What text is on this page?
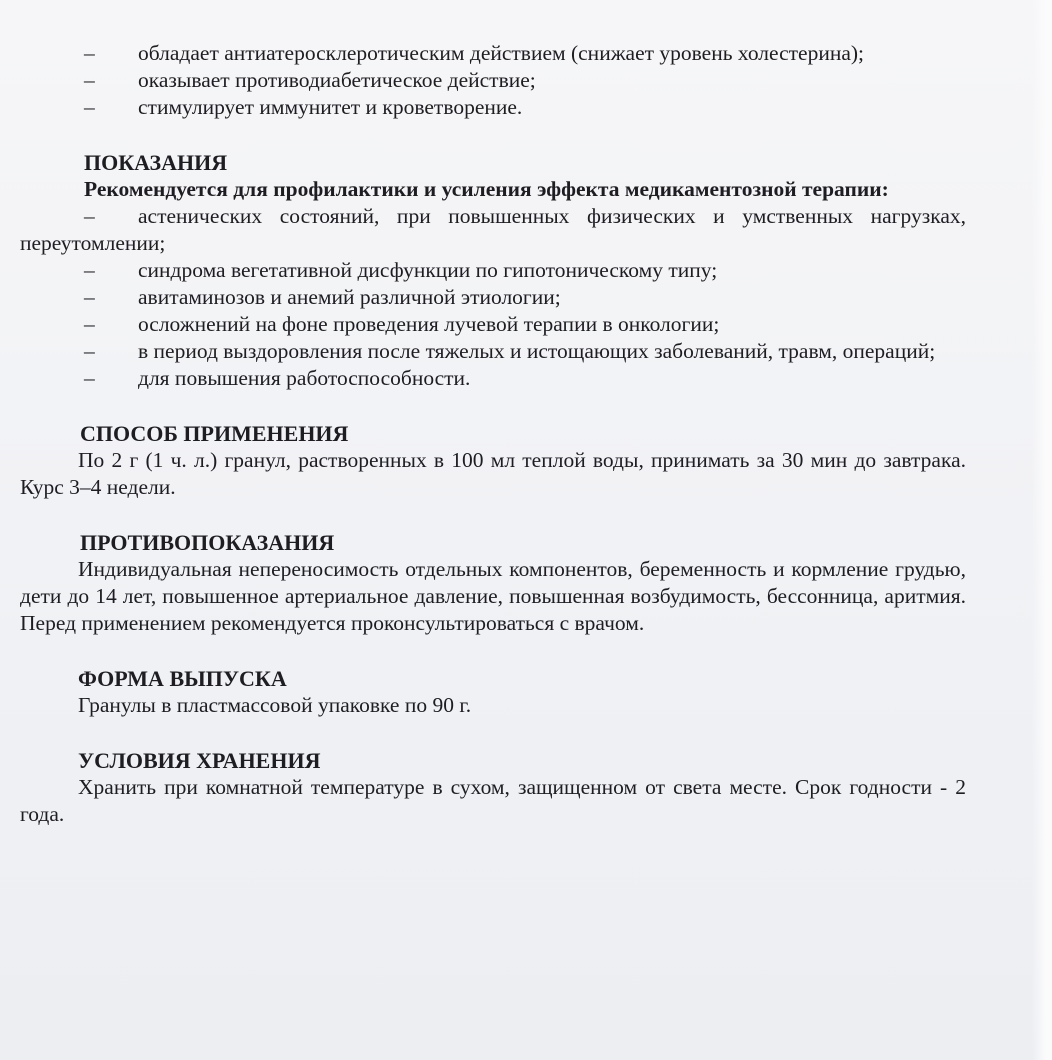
–	обладает антиатеросклеротическим действием (снижает уровень холестерина);
–	оказывает противодиабетическое действие;
–	стимулирует иммунитет и кроветворение.
ПОКАЗАНИЯ
Рекомендуется для профилактики и усиления эффекта медикаментозной терапии:
–	астенических состояний, при повышенных физических и умственных нагрузках, переутомлении;
–	синдрома вегетативной дисфункции по гипотоническому типу;
–	авитаминозов и анемий различной этиологии;
–	осложнений на фоне проведения лучевой терапии в онкологии;
–	в период выздоровления после тяжелых и истощающих заболеваний, травм, операций;
–	для повышения работоспособности.
СПОСОБ ПРИМЕНЕНИЯ
По 2 г (1 ч. л.) гранул, растворенных в 100 мл теплой воды, принимать за 30 мин до завтрака. Курс 3–4 недели.
ПРОТИВОПОКАЗАНИЯ
Индивидуальная непереносимость отдельных компонентов, беременность и кормление грудью, дети до 14 лет, повышенное артериальное давление, повышенная возбудимость, бессонница, аритмия. Перед применением рекомендуется проконсультироваться с врачом.
ФОРМА ВЫПУСКА
Гранулы в пластмассовой упаковке по 90 г.
УСЛОВИЯ ХРАНЕНИЯ
Хранить при комнатной температуре в сухом, защищенном от света месте. Срок годности - 2 года.
